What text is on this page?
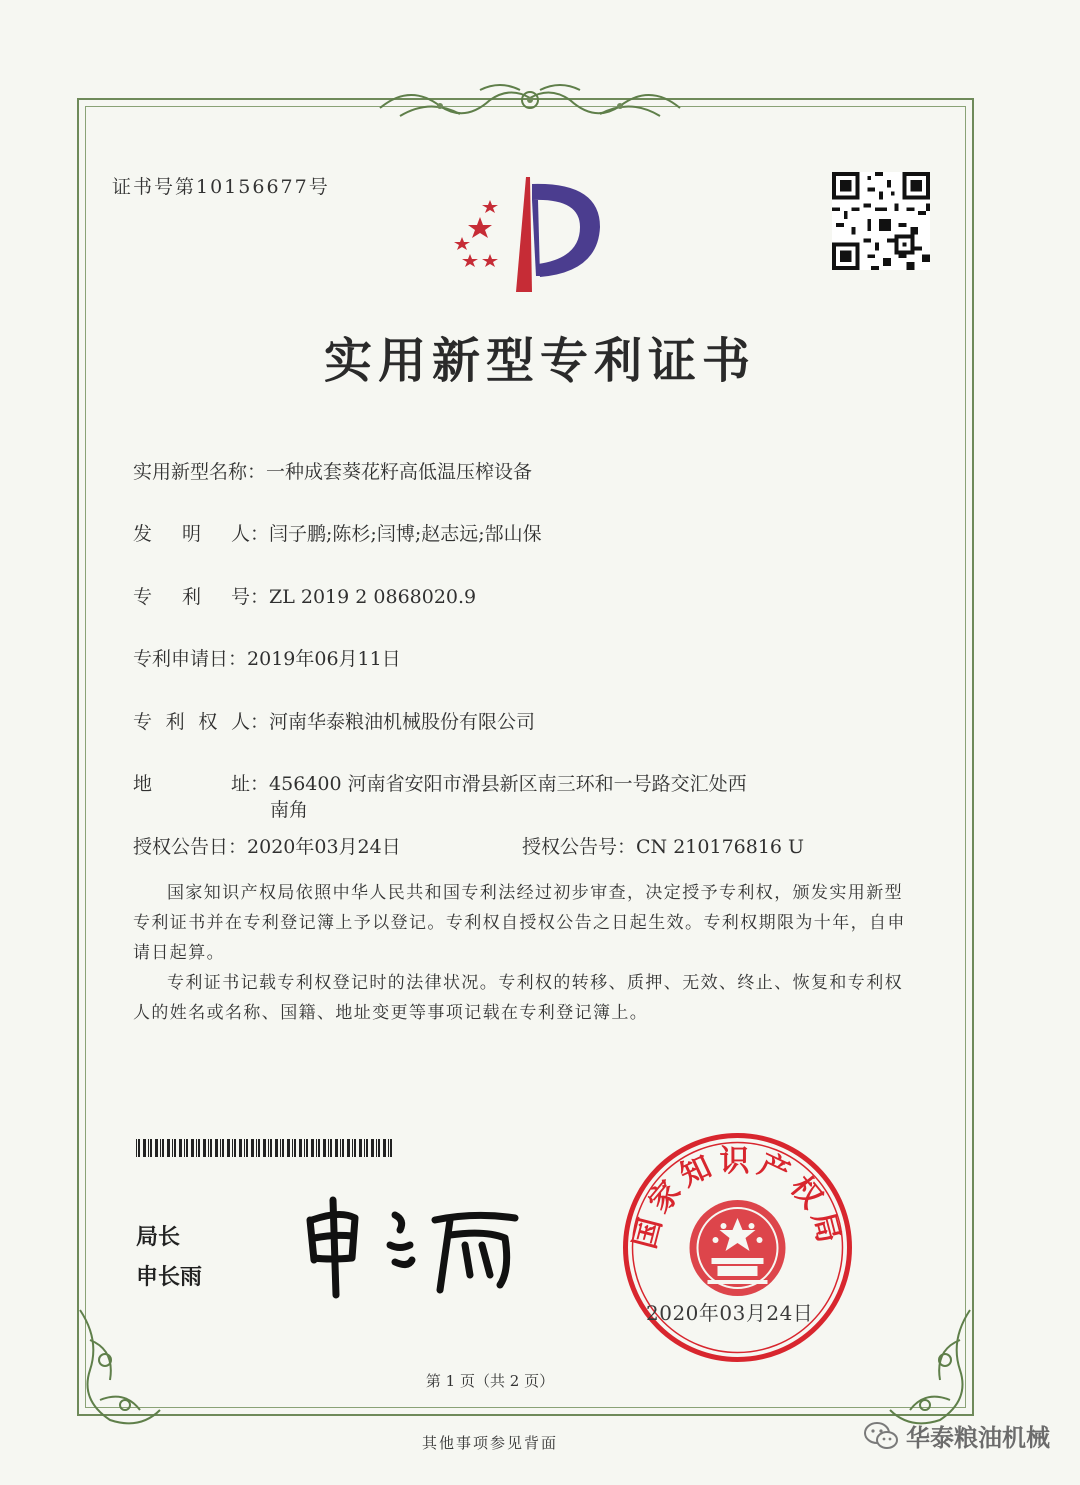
证书号第10156677号
实用新型专利证书
实用新型名称：一种成套葵花籽高低温压榨设备
发 明 人 ：闫子鹏;陈杉;闫博;赵志远;郜山保
专 利 号 ：ZL 2019 2 0868020.9
专利申请日：2019年06月11日
专 利 权 人 ：河南华泰粮油机械股份有限公司
地	址 ：456400 河南省安阳市滑县新区南三环和一号路交汇处西
南角
授权公告日：2020年03月24日	授权公告号：CN 210176816 U

国家知识产权局依照中华人民共和国专利法经过初步审查，决定授予专利权，颁发实用新型专利证书并在专利登记簿上予以登记。专利权自授权公告之日起生效。专利权期限为十年，自申请日起算。

专利证书记载专利权登记时的法律状况。专利权的转移、质押、无效、终止、恢复和专利权人的姓名或名称、国籍、地址变更等事项记载在专利登记簿上。

局长
申长雨
国家知识产权局
2020年03月24日
第 1 页（共 2 页）
其他事项参见背面	华泰粮油机械
